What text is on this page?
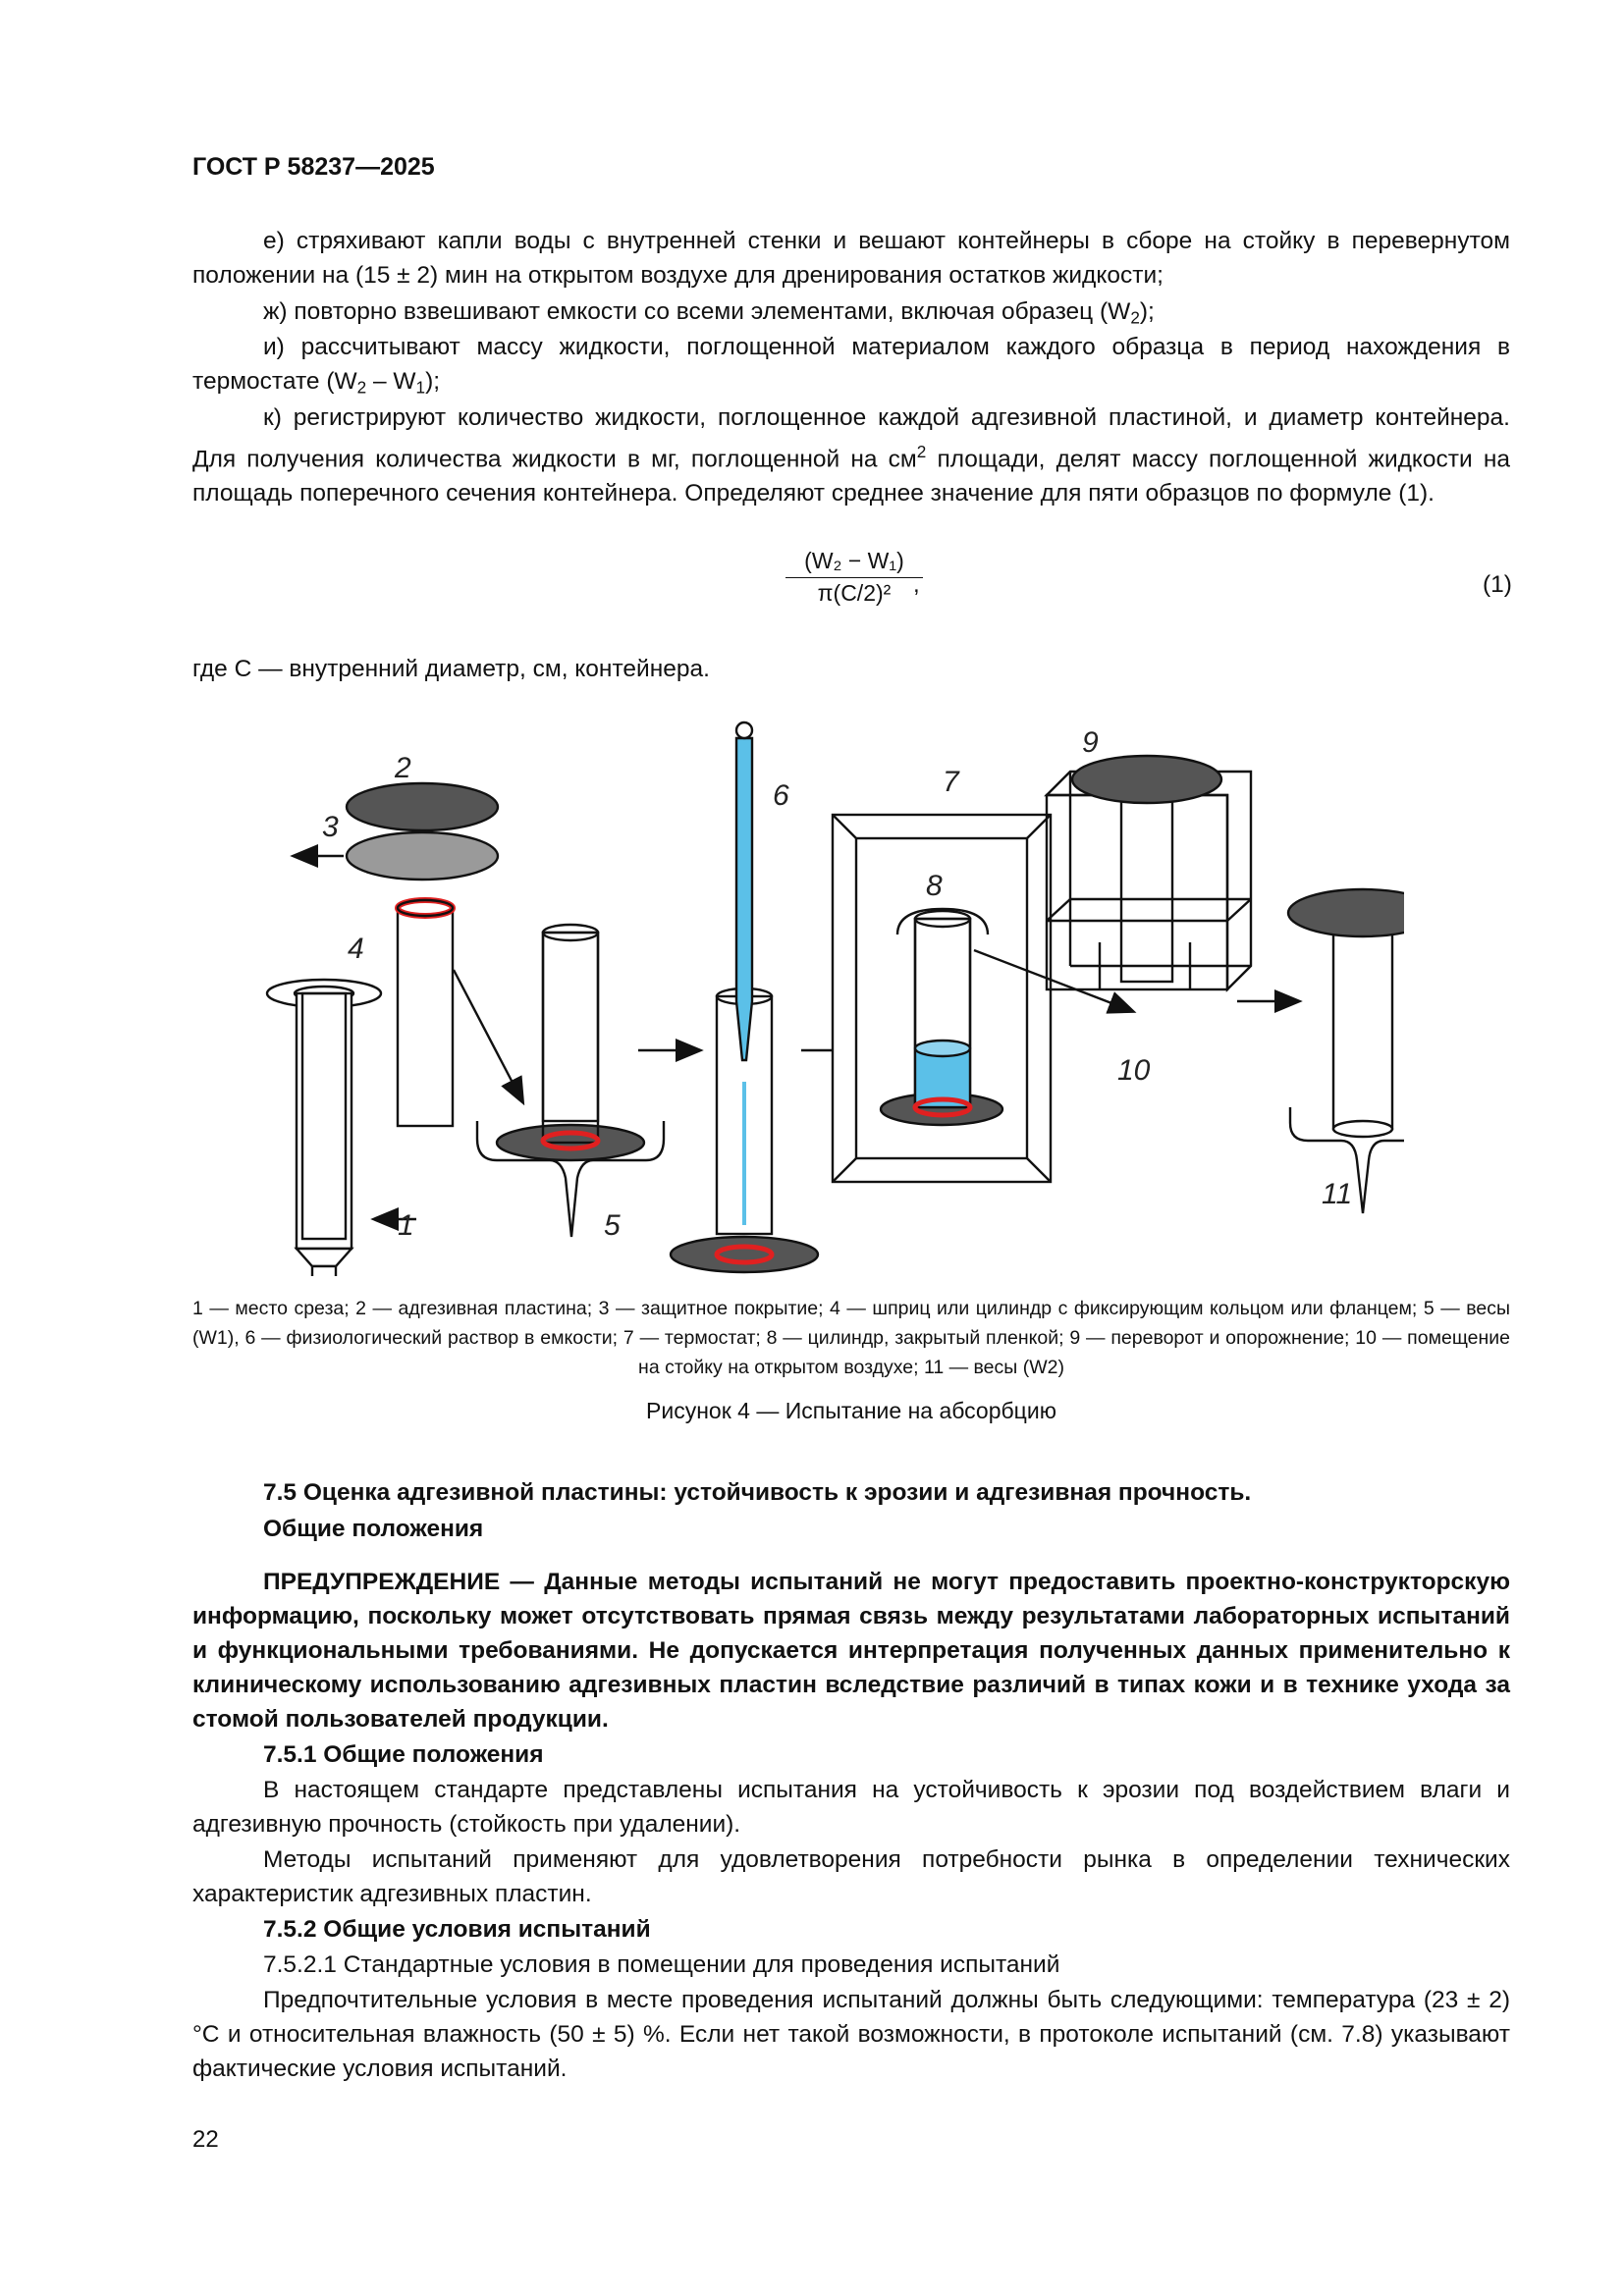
ГОСТ Р 58237—2025
е) стряхивают капли воды с внутренней стенки и вешают контейнеры в сборе на стойку в перевернутом положении на (15 ± 2) мин на открытом воздухе для дренирования остатков жидкости;
ж) повторно взвешивают емкости со всеми элементами, включая образец $(W_2)$;
и) рассчитывают массу жидкости, поглощенной материалом каждого образца в период нахождения в термостате $(W_2 - W_1)$;
к) регистрируют количество жидкости, поглощенное каждой адгезивной пластиной, и диаметр контейнера. Для получения количества жидкости в мг, поглощенной на $см^2$ площади, делят массу поглощенной жидкости на площадь поперечного сечения контейнера. Определяют среднее значение для пяти образцов по формуле (1).
$\frac{\text{(W₂ − W₁)}}{\text{π(C/2)²}}$
,	(1)
где C — внутренний диаметр, см, контейнера.
2
3
4
1	5
6	7
8
9
10
11
1 — место среза; 2 — адгезивная пластина; 3 — защитное покрытие; 4 — шприц или цилиндр с фиксирующим кольцом или фланцем; 5 — весы (W1), 6 — физиологический раствор в емкости; 7 — термостат; 8 — цилиндр, закрытый пленкой; 9 — переворот и опорожнение; 10 — помещение на стойку на открытом воздухе; 11 — весы (W2)
Рисунок 4 — Испытание на абсорбцию
7.5 Оценка адгезивной пластины: устойчивость к эрозии и адгезивная прочность.
Общие положения
ПРЕДУПРЕЖДЕНИЕ — Данные методы испытаний не могут предоставить проектно-конструкторскую информацию, поскольку может отсутствовать прямая связь между результатами лабораторных испытаний и функциональными требованиями. Не допускается интерпретация полученных данных применительно к клиническому использованию адгезивных пластин вследствие различий в типах кожи и в технике ухода за стомой пользователей продукции.
7.5.1 Общие положения
В настоящем стандарте представлены испытания на устойчивость к эрозии под воздействием влаги и адгезивную прочность (стойкость при удалении).
Методы испытаний применяют для удовлетворения потребности рынка в определении технических характеристик адгезивных пластин.
7.5.2 Общие условия испытаний
7.5.2.1 Стандартные условия в помещении для проведения испытаний
Предпочтительные условия в месте проведения испытаний должны быть следующими: температура (23 ± 2) °С и относительная влажность (50 ± 5) %. Если нет такой возможности, в протоколе испытаний (см. 7.8) указывают фактические условия испытаний.
22
